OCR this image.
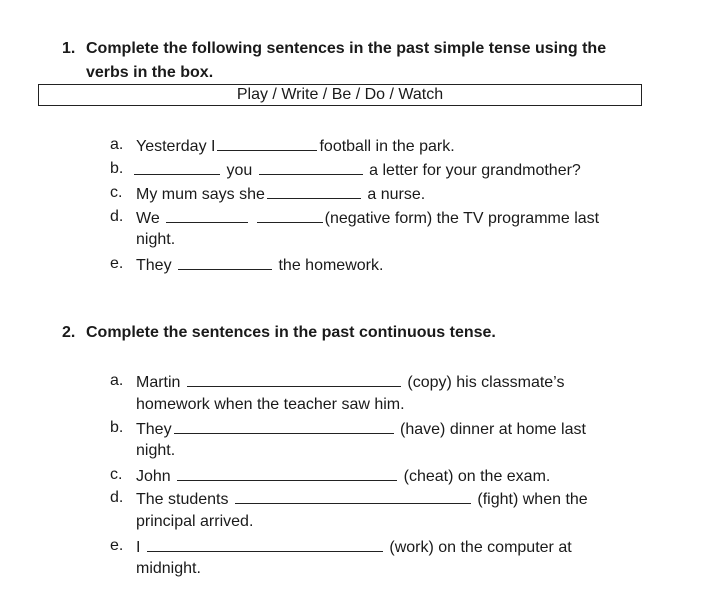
1. Complete the following sentences in the past simple tense using the
verbs in the box.
Play / Write / Be / Do / Watch
a. Yesterday I	football in the park.
b.	you	a letter for your grandmother?
c. My mum says she	a nurse.
d. We	(negative form) the TV programme last
night.
e. They	the homework.
2. Complete the sentences in the past continuous tense.
a. Martin	(copy) his classmate’s
homework when the teacher saw him.
b. They	(have) dinner at home last
night.
c. John	(cheat) on the exam.
d. The students	(fight) when the
principal arrived.
e. I	(work) on the computer at
midnight.
